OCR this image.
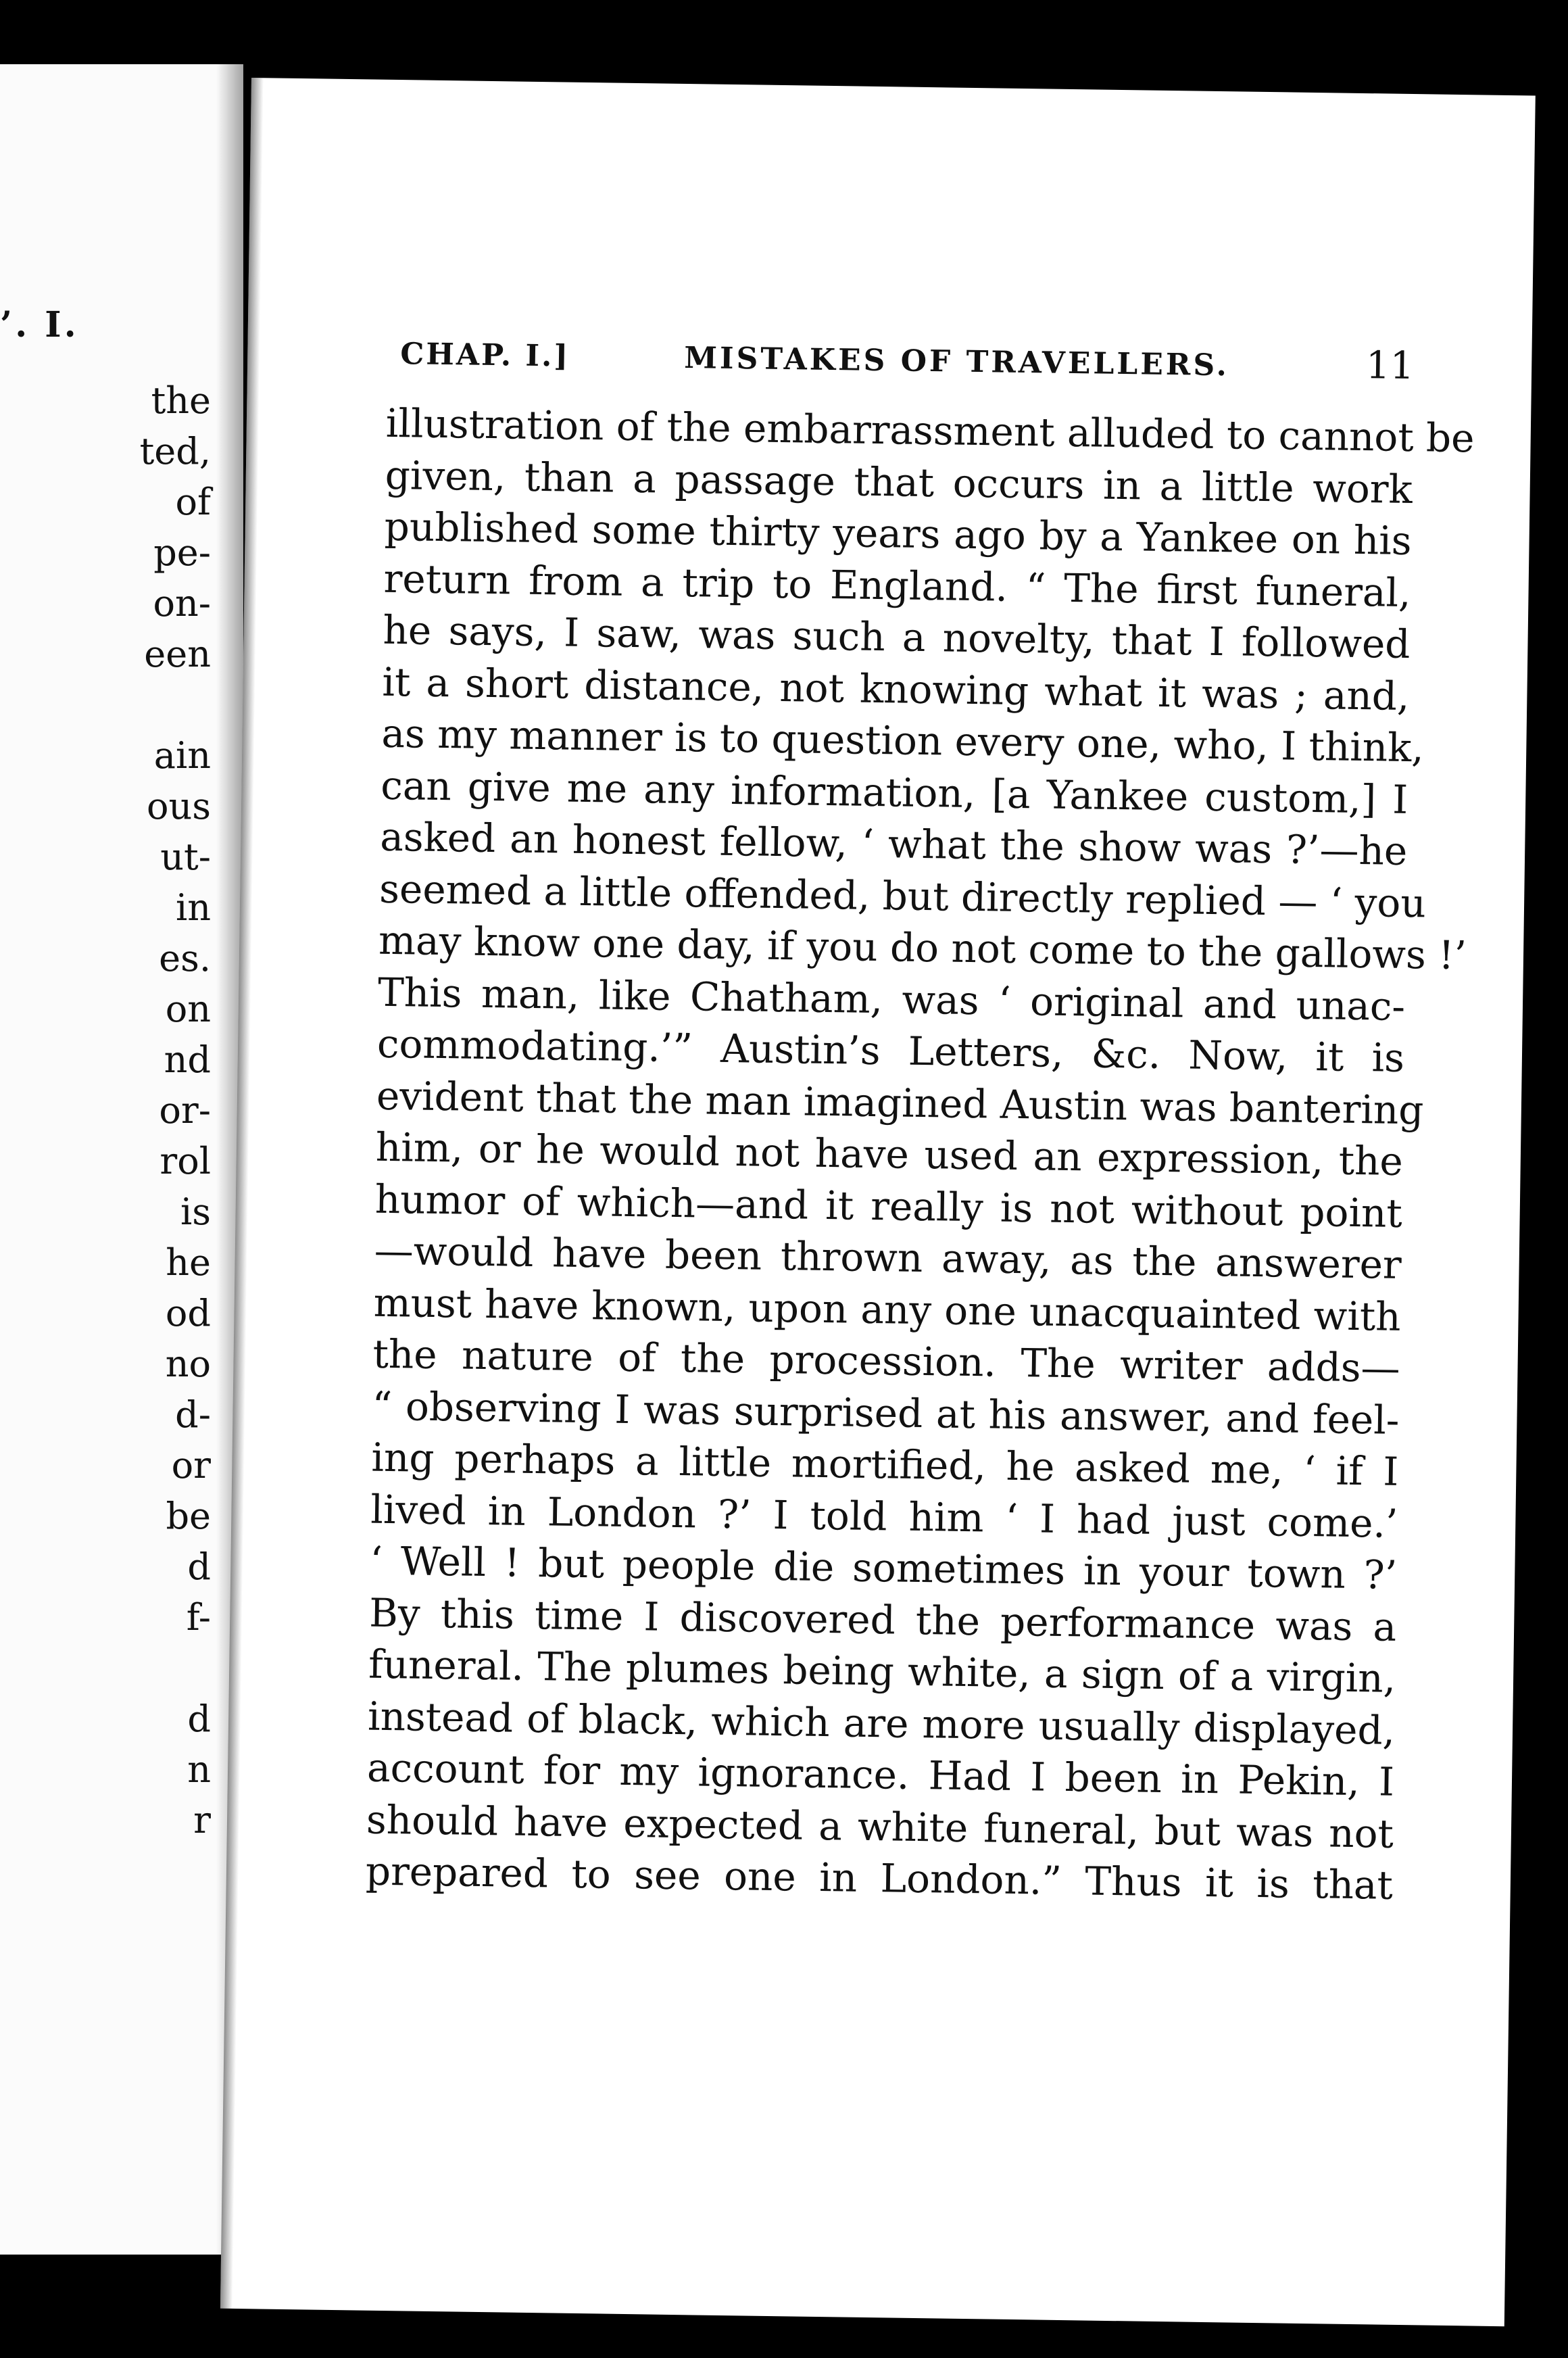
’. I.
the
ted,
of
pe-
on-
een
ain
ous
ut-
in
es.
on
nd
or-
rol
is
he
od
no
d-
or
be
d
f-
d
n
r
CHAP. I.]	MISTAKES OF TRAVELLERS.	11
illustration of the embarrassment alluded to cannot be
given, than a passage that occurs in a little work
published some thirty years ago by a Yankee on his
return from a trip to England. “ The first funeral,
he says, I saw, was such a novelty, that I followed
it a short distance, not knowing what it was ; and,
as my manner is to question every one, who, I think,
can give me any information, [a Yankee custom,] I
asked an honest fellow, ‘ what the show was ?’—he
seemed a little offended, but directly replied — ‘ you
may know one day, if you do not come to the gallows !’
This man, like Chatham, was ‘ original and unac-
commodating.’” Austin’s Letters, &c. Now, it is
evident that the man imagined Austin was bantering
him, or he would not have used an expression, the
humor of which—and it really is not without point
—would have been thrown away, as the answerer
must have known, upon any one unacquainted with
the nature of the procession. The writer adds—
“ observing I was surprised at his answer, and feel-
ing perhaps a little mortified, he asked me, ‘ if I
lived in London ?’ I told him ‘ I had just come.’
‘ Well ! but people die sometimes in your town ?’
By this time I discovered the performance was a
funeral. The plumes being white, a sign of a virgin,
instead of black, which are more usually displayed,
account for my ignorance. Had I been in Pekin, I
should have expected a white funeral, but was not
prepared to see one in London.” Thus it is that
